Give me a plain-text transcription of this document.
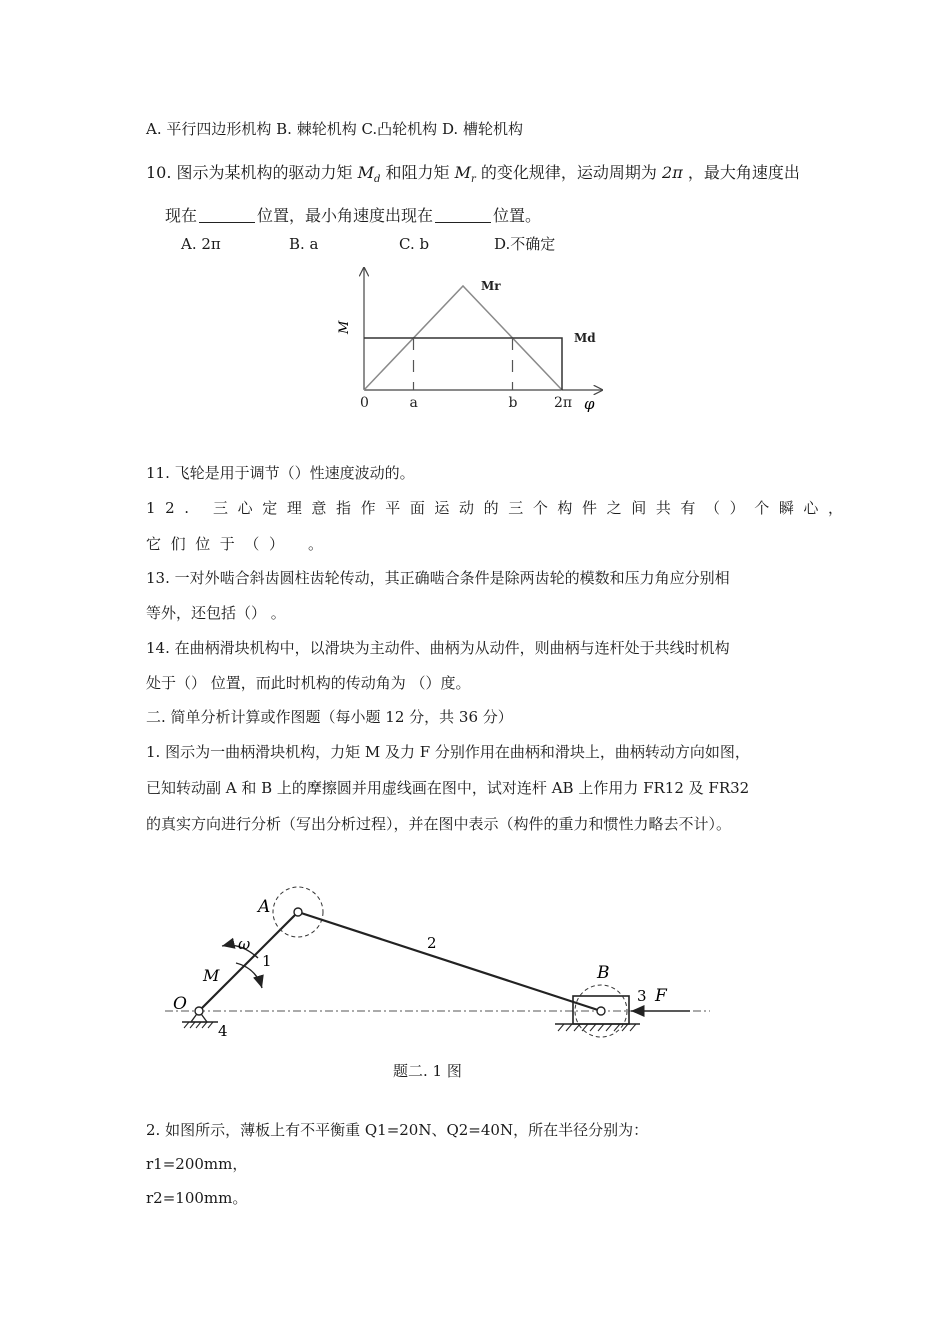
A. 平行四边形机构 B. 棘轮机构 C.凸轮机构 D. 槽轮机构
10. 图示为某机构的驱动力矩 $M_d$ 和阻力矩 $M_r$ 的变化规律，运动周期为 2π ，最大角速度出
现在	位置，最小角速度出现在	位置。
A. 2π	B. a	C. b	D.不确定
M
φ
Mr
Md
0	a	b	2π
11. 飞轮是用于调节（）性速度波动的。
12. 三心定理意指作平面运动的三个构件之间共有（）个瞬心，
它们位于（） 。
13. 一对外啮合斜齿圆柱齿轮传动，其正确啮合条件是除两齿轮的模数和压力角应分别相
等外，还包括（） 。
14. 在曲柄滑块机构中，以滑块为主动件、曲柄为从动件，则曲柄与连杆处于共线时机构
处于（） 位置，而此时机构的传动角为 （）度。
二. 简单分析计算或作图题（每小题 12 分，共 36 分）
1. 图示为一曲柄滑块机构，力矩 M 及力 F 分别作用在曲柄和滑块上，曲柄转动方向如图，
已知转动副 A 和 B 上的摩擦圆并用虚线画在图中，试对连杆 AB 上作用力 FR12 及 FR32
的真实方向进行分析（写出分析过程），并在图中表示（构件的重力和惯性力略去不计）。
A
ω
M
1
O
4
2
B
3 F
题二. 1 图
2. 如图所示，薄板上有不平衡重 Q1=20N、Q2=40N，所在半径分别为：
r1=200mm，
r2=100mm。
